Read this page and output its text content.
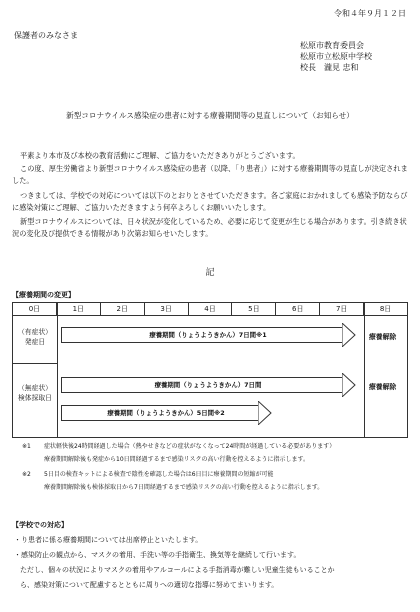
令和４年９月１２日
保護者のみなさま
松原市教育委員会
松原市立松原中学校
校長　瀧見 忠和
新型コロナウイルス感染症の患者に対する療養期間等の見直しについて（お知らせ）
平素より本市及び本校の教育活動にご理解、ご協力をいただきありがとうございます。
この度、厚生労働省より新型コロナウイルス感染症の患者（以降、「り患者」）に対する療養期間等の見直しが決定されました。
つきましては、学校での対応については以下のとおりとさせていただきます。各ご家庭におかれましても感染予防ならびに感染対策にご理解、ご協力いただきますよう何卒よろしくお願いいたします。
新型コロナウイルスについては、日々状況が変化しているため、必要に応じて変更が生じる場合があります。引き続き状況の変化及び提供できる情報があり次第お知らせいたします。
記
【療養期間の変更】
0日	1日	2日	3日	4日	5日	6日	7日	8日
（有症状）
発症日
療養期間（りょうようきかん）7日間※1	療養解除
（無症状）
検体採取日
療養期間（りょうようきかん）7日間
療養期間（りょうようきかん）5日間※2
療養解除
※1 症状軽快後24時間経過した場合（熱やせきなどの症状がなくなって24時間が経過している必要があります）
療養期間解除後も発症から10日間経過するまで感染リスクの高い行動を控えるように指示します。
※2 5日目の検査キットによる検査で陰性を確認した場合は6日目に療養期間の短縮が可能
療養期間解除後も検体採取日から7日間経過するまで感染リスクの高い行動を控えるように指示します。
【学校での対応】
・り患者に係る療養期間については出席停止といたします。
・感染防止の観点から、マスクの着用、手洗い等の手指衛生、換気等を継続して行います。
ただし、個々の状況によりマスクの着用やアルコールによる手指消毒が難しい児童生徒もいることか
ら、感染対策について配慮するとともに周りへの適切な指導に努めてまいります。
